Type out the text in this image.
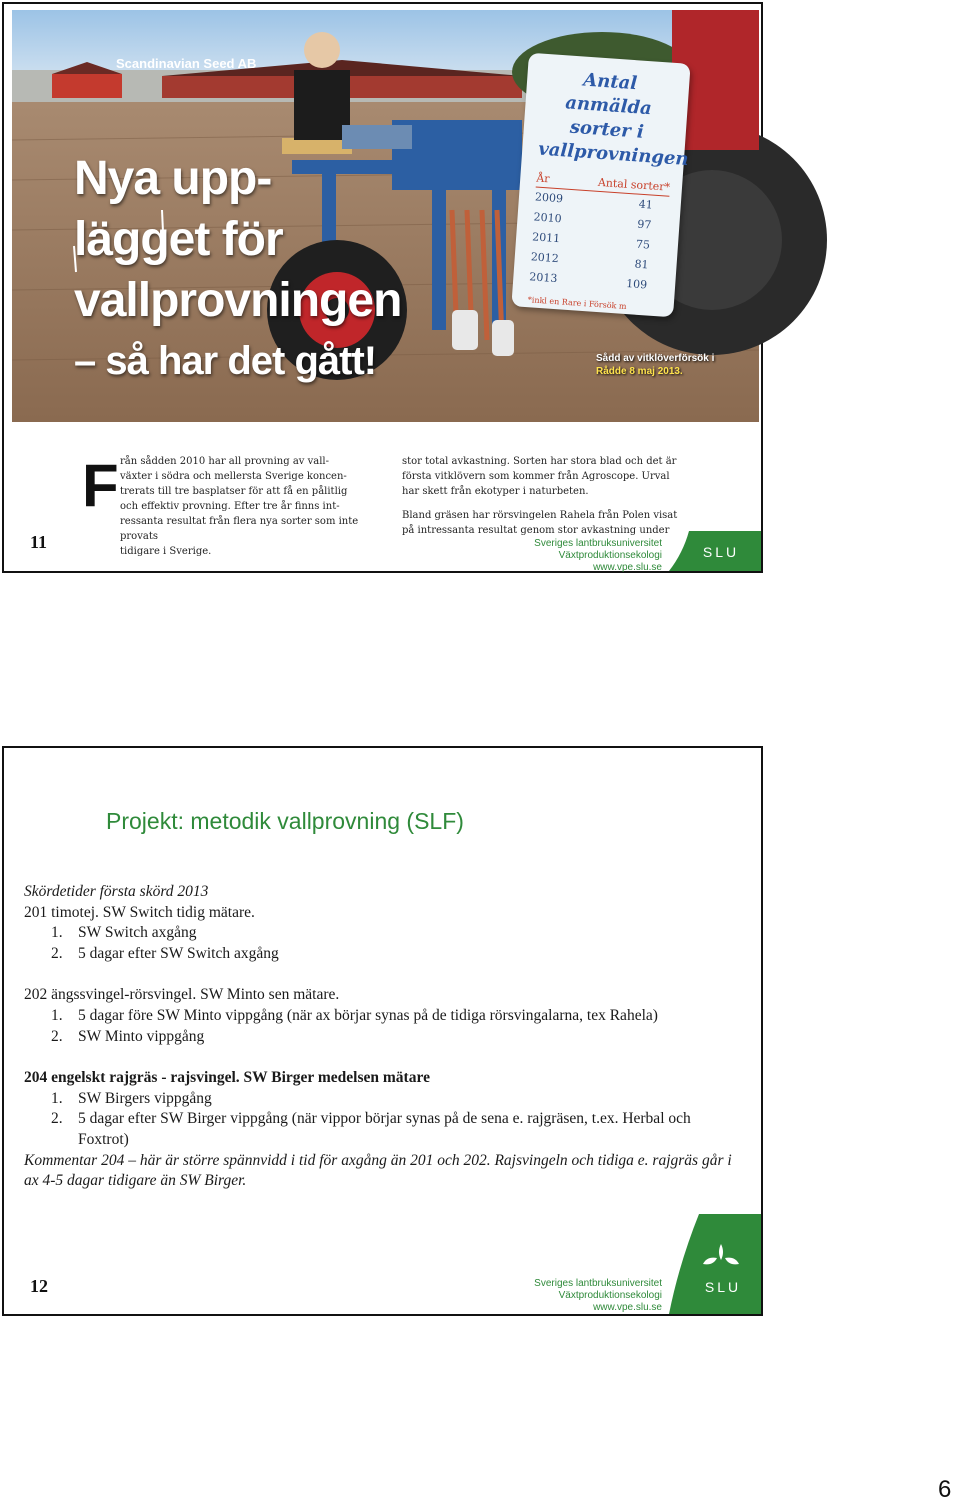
Scandinavian Seed AB
Nya upp-
lägget för
vallprovningen
– så har det gått!
Antal
anmälda sorter i
vallprovningen
År	Antal sorter*
2009	41
2010	97
2011	75
2012	81
2013	109
*inkl en Rare i Försök m
Sådd av vitklöverförsök i
Rådde 8 maj 2013.
F rån sådden 2010 har all provning av vall-
växter i södra och mellersta Sverige koncen-
trerats till tre basplatser för att få en pålitlig
och effektiv provning. Efter tre år finns int-
ressanta resultat från flera nya sorter som inte provats
tidigare i Sverige.
stor total avkastning. Sorten har stora blad och det är
första vitklövern som kommer från Agroscope. Urval
har skett från ekotyper i naturbeten.
Bland gräsen har rörsvingelen Rahela från Polen visat
på intressanta resultat genom stor avkastning under
11	Sveriges lantbruksuniversitet
Växtproduktionsekologi
www.vpe.slu.se
SLU
Projekt: metodik vallprovning (SLF)

Skördetider första skörd 2013

201 timotej. SW Switch tidig mätare.

1. SW Switch axgång

2. 5 dagar efter SW Switch axgång

202 ängssvingel-rörsvingel. SW Minto sen mätare.

1. 5 dagar före SW Minto vippgång (när ax börjar synas på de tidiga rörsvingalarna, tex Rahela)

2. SW Minto vippgång

204 engelskt rajgräs - rajsvingel. SW Birger medelsen mätare

1. SW Birgers vippgång

2. 5 dagar efter SW Birger vippgång (när vippor börjar synas på de sena e. rajgräsen, t.ex. Herbal och Foxtrot)

Kommentar 204 – här är större spännvidd i tid för axgång än 201 och 202. Rajsvingeln och tidiga e. rajgräs går i ax 4-5 dagar tidigare än SW Birger.

12	Sveriges lantbruksuniversitet
Växtproduktionsekologi
www.vpe.slu.se
SLU
6
